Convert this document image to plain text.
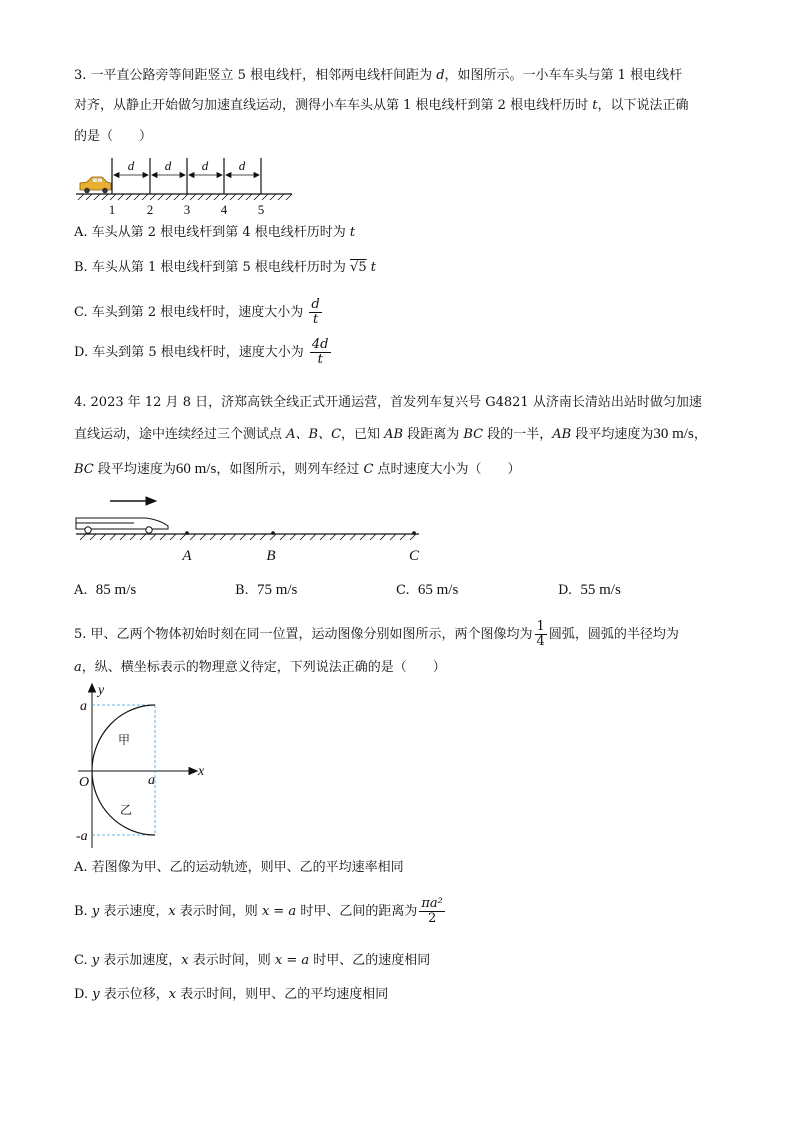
3. 一平直公路旁等间距竖立 5 根电线杆，相邻两电线杆间距为 d，如图所示。一小车车头与第 1 根电线杆
对齐，从静止开始做匀加速直线运动，测得小车车头从第 1 根电线杆到第 2 根电线杆历时 t，以下说法正确
的是（　　）
d d d d
1 2 3 4 5
A. 车头从第 2 根电线杆到第 4 根电线杆历时为 t
B. 车头从第 1 根电线杆到第 5 根电线杆历时为 √5 t
C. 车头到第 2 根电线杆时，速度大小为 $\frac{d}{t}$
D. 车头到第 5 根电线杆时，速度大小为 $\frac{4d}{t}$
4. 2023 年 12 月 8 日，济郑高铁全线正式开通运营，首发列车复兴号 G4821 从济南长清站出站时做匀加速
直线运动，途中连续经过三个测试点 A、B、C，已知 AB 段距离为 BC 段的一半，AB 段平均速度为30 m/s，
BC 段平均速度为60 m/s，如图所示，则列车经过 C 点时速度大小为（　　）
A	B	C
A. 85 m/s	B. 75 m/s	C. 65 m/s	D. 55 m/s
5. 甲、乙两个物体初始时刻在同一位置，运动图像分别如图所示，两个图像均为 $\frac{1}{4}$ 圆弧，圆弧的半径均为
a，纵、横坐标表示的物理意义待定，下列说法正确的是（　　）
y
x
O
a
a
-a
甲
乙
A. 若图像为甲、乙的运动轨迹，则甲、乙的平均速率相同
B. y 表示速度，x 表示时间，则 x = a 时甲、乙间的距离为 $\frac{\text{πa²}}{2}$
C. y 表示加速度，x 表示时间，则 x = a 时甲、乙的速度相同
D. y 表示位移，x 表示时间，则甲、乙的平均速度相同
